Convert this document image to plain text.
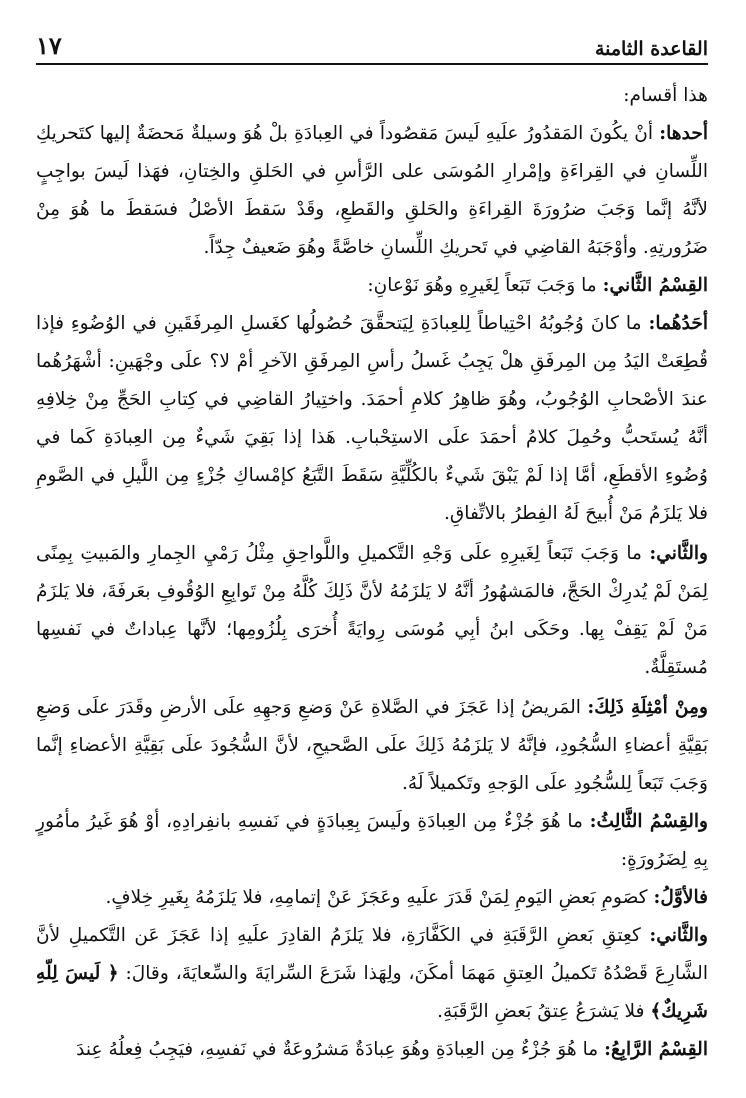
القاعدة الثامنة
١٧

هذا أقسام:

أحدها: أنْ يكُونَ المَقدُورُ علَيهِ لَيسَ مَقصُوداً في العِبادَةِ بلْ هُوَ وسيلةٌ مَحضَةٌ إليها كتَحريكِ اللِّسانِ في القِراءَةِ وإمْرارِ المُوسَى على الرَّأسِ في الحَلقِ والخِتانِ، فهَذا لَيسَ بواجِبٍ لأنَّهُ إنَّما وَجَبَ ضرُورَةَ القِراءَةِ والحَلقِ والقَطعِ، وقَدْ سَقطَ الأصْلُ فسَقطَ ما هُوَ مِنْ ضَرُورتِهِ. وأوْجَبَهُ القاضِي في تَحريكِ اللِّسانِ خاصَّةً وهُوَ ضَعيفٌ جِدّاً.

القِسْمُ الثَّاني: ما وَجَبَ تَبَعاً لِغَيرِهِ وهُوَ نَوْعانِ:

أحَدُهُما: ما كانَ وُجُوبُهُ احْتِياطاً لِلعِبادَةِ لِيَتحقَّقَ حُصُولُها كغَسلِ المِرفَقَينِ في الوُضُوءِ فإذا قُطِعَتْ اليَدُ مِن المِرفَقِ هلْ يَجِبُ غَسلُ رأسِ المِرفَقِ الآخرِ أمْ لا؟ علَى وجْهَينِ: أشْهَرُهُما عندَ الأصْحابِ الوُجُوبُ، وهُوَ ظاهِرُ كلامِ أحمَدَ. واختِيارُ القاضِي في كِتابِ الحَجِّ مِنْ خِلافِهِ أنَّهُ يُستَحبُّ وحُمِلَ كلامُ أحمَدَ علَى الاستِحْبابِ. هَذا إذا بَقِيَ شَيءٌ مِن العِبادَةِ كَما في وُضُوءِ الأقطَعِ، أمَّا إذا لَمْ يَبْقَ شَيءٌ بالكُلِّيَّةِ سَقَطَ التَّبَعُ كإمْساكِ جُزْءٍ مِن اللَّيلِ في الصَّومِ فلا يَلزَمُ مَنْ أُبيحَ لَهُ الفِطرُ بالاتِّفاقِ.

والثَّاني: ما وَجَبَ تَبَعاً لِغَيرِهِ علَى وَجْهِ التَّكميلِ واللَّواحِقِ مِثْلُ رَمْيِ الجِمارِ والمَبيتِ بِمِنًى لِمَنْ لَمْ يُدرِكْ الحَجَّ، فالمَشهُورُ أنَّهُ لا يَلزَمُهُ لأنَّ ذَلِكَ كُلَّهُ مِنْ تَوابِعِ الوُقُوفِ بعَرفَةَ، فلا يَلزَمُ مَنْ لَمْ يَقِفْ بِها. وحَكَى ابنُ أبِي مُوسَى رِوايَةً أُخرَى بِلُزُومِها؛ لأنَّها عِباداتٌ في نَفسِها مُستَقِلَّةٌ.

ومِنْ أمْثِلَةِ ذَلِكَ: المَريضُ إذا عَجَزَ في الصَّلاةِ عَنْ وَضعِ وَجهِهِ علَى الأرضِ وقَدَرَ علَى وَضعِ بَقِيَّةِ أعضاءِ السُّجُودِ، فإنَّهُ لا يَلزَمُهُ ذَلِكَ علَى الصَّحيحِ، لأنَّ السُّجُودَ علَى بَقِيَّةِ الأعضاءِ إنَّما وَجَبَ تَبَعاً لِلسُّجُودِ علَى الوَجهِ وتَكميلاً لَهُ.

والقِسْمُ الثَّالِثُ: ما هُوَ جُزْءٌ مِن العِبادَةِ ولَيسَ بِعِبادَةٍ في نَفسِهِ بانفِرادِهِ، أوْ هُوَ غَيرُ مأمُورٍ بِهِ لِضَرُورَةٍ:

فالأوَّلُ: كصَومِ بَعضِ اليَومِ لِمَنْ قَدَرَ علَيهِ وعَجَزَ عَنْ إتمامِهِ، فلا يَلزَمُهُ بِغَيرِ خِلافٍ.

والثَّاني: كعِتقِ بَعضِ الرَّقَبَةِ في الكَفَّارَةِ، فلا يَلزَمُ القادِرَ علَيهِ إذا عَجَزَ عَن التَّكميلِ لأنَّ الشَّارِعَ قَصْدُهُ تَكميلُ العِتقِ مَهمَا أمكَنَ، ولِهَذا شَرَعَ السِّرايَةَ والسِّعايَةَ، وقالَ: ﴿ لَيسَ لِلّهِ شَرِيكٌ﴾ فلا يَشرَعُ عِتقُ بَعضِ الرَّقَبَةِ.

القِسْمُ الرَّابِعُ: ما هُوَ جُزْءٌ مِن العِبادَةِ وهُوَ عِبادَةٌ مَشرُوعَةٌ في نَفسِهِ، فيَجِبُ فِعلُهُ عِندَ
